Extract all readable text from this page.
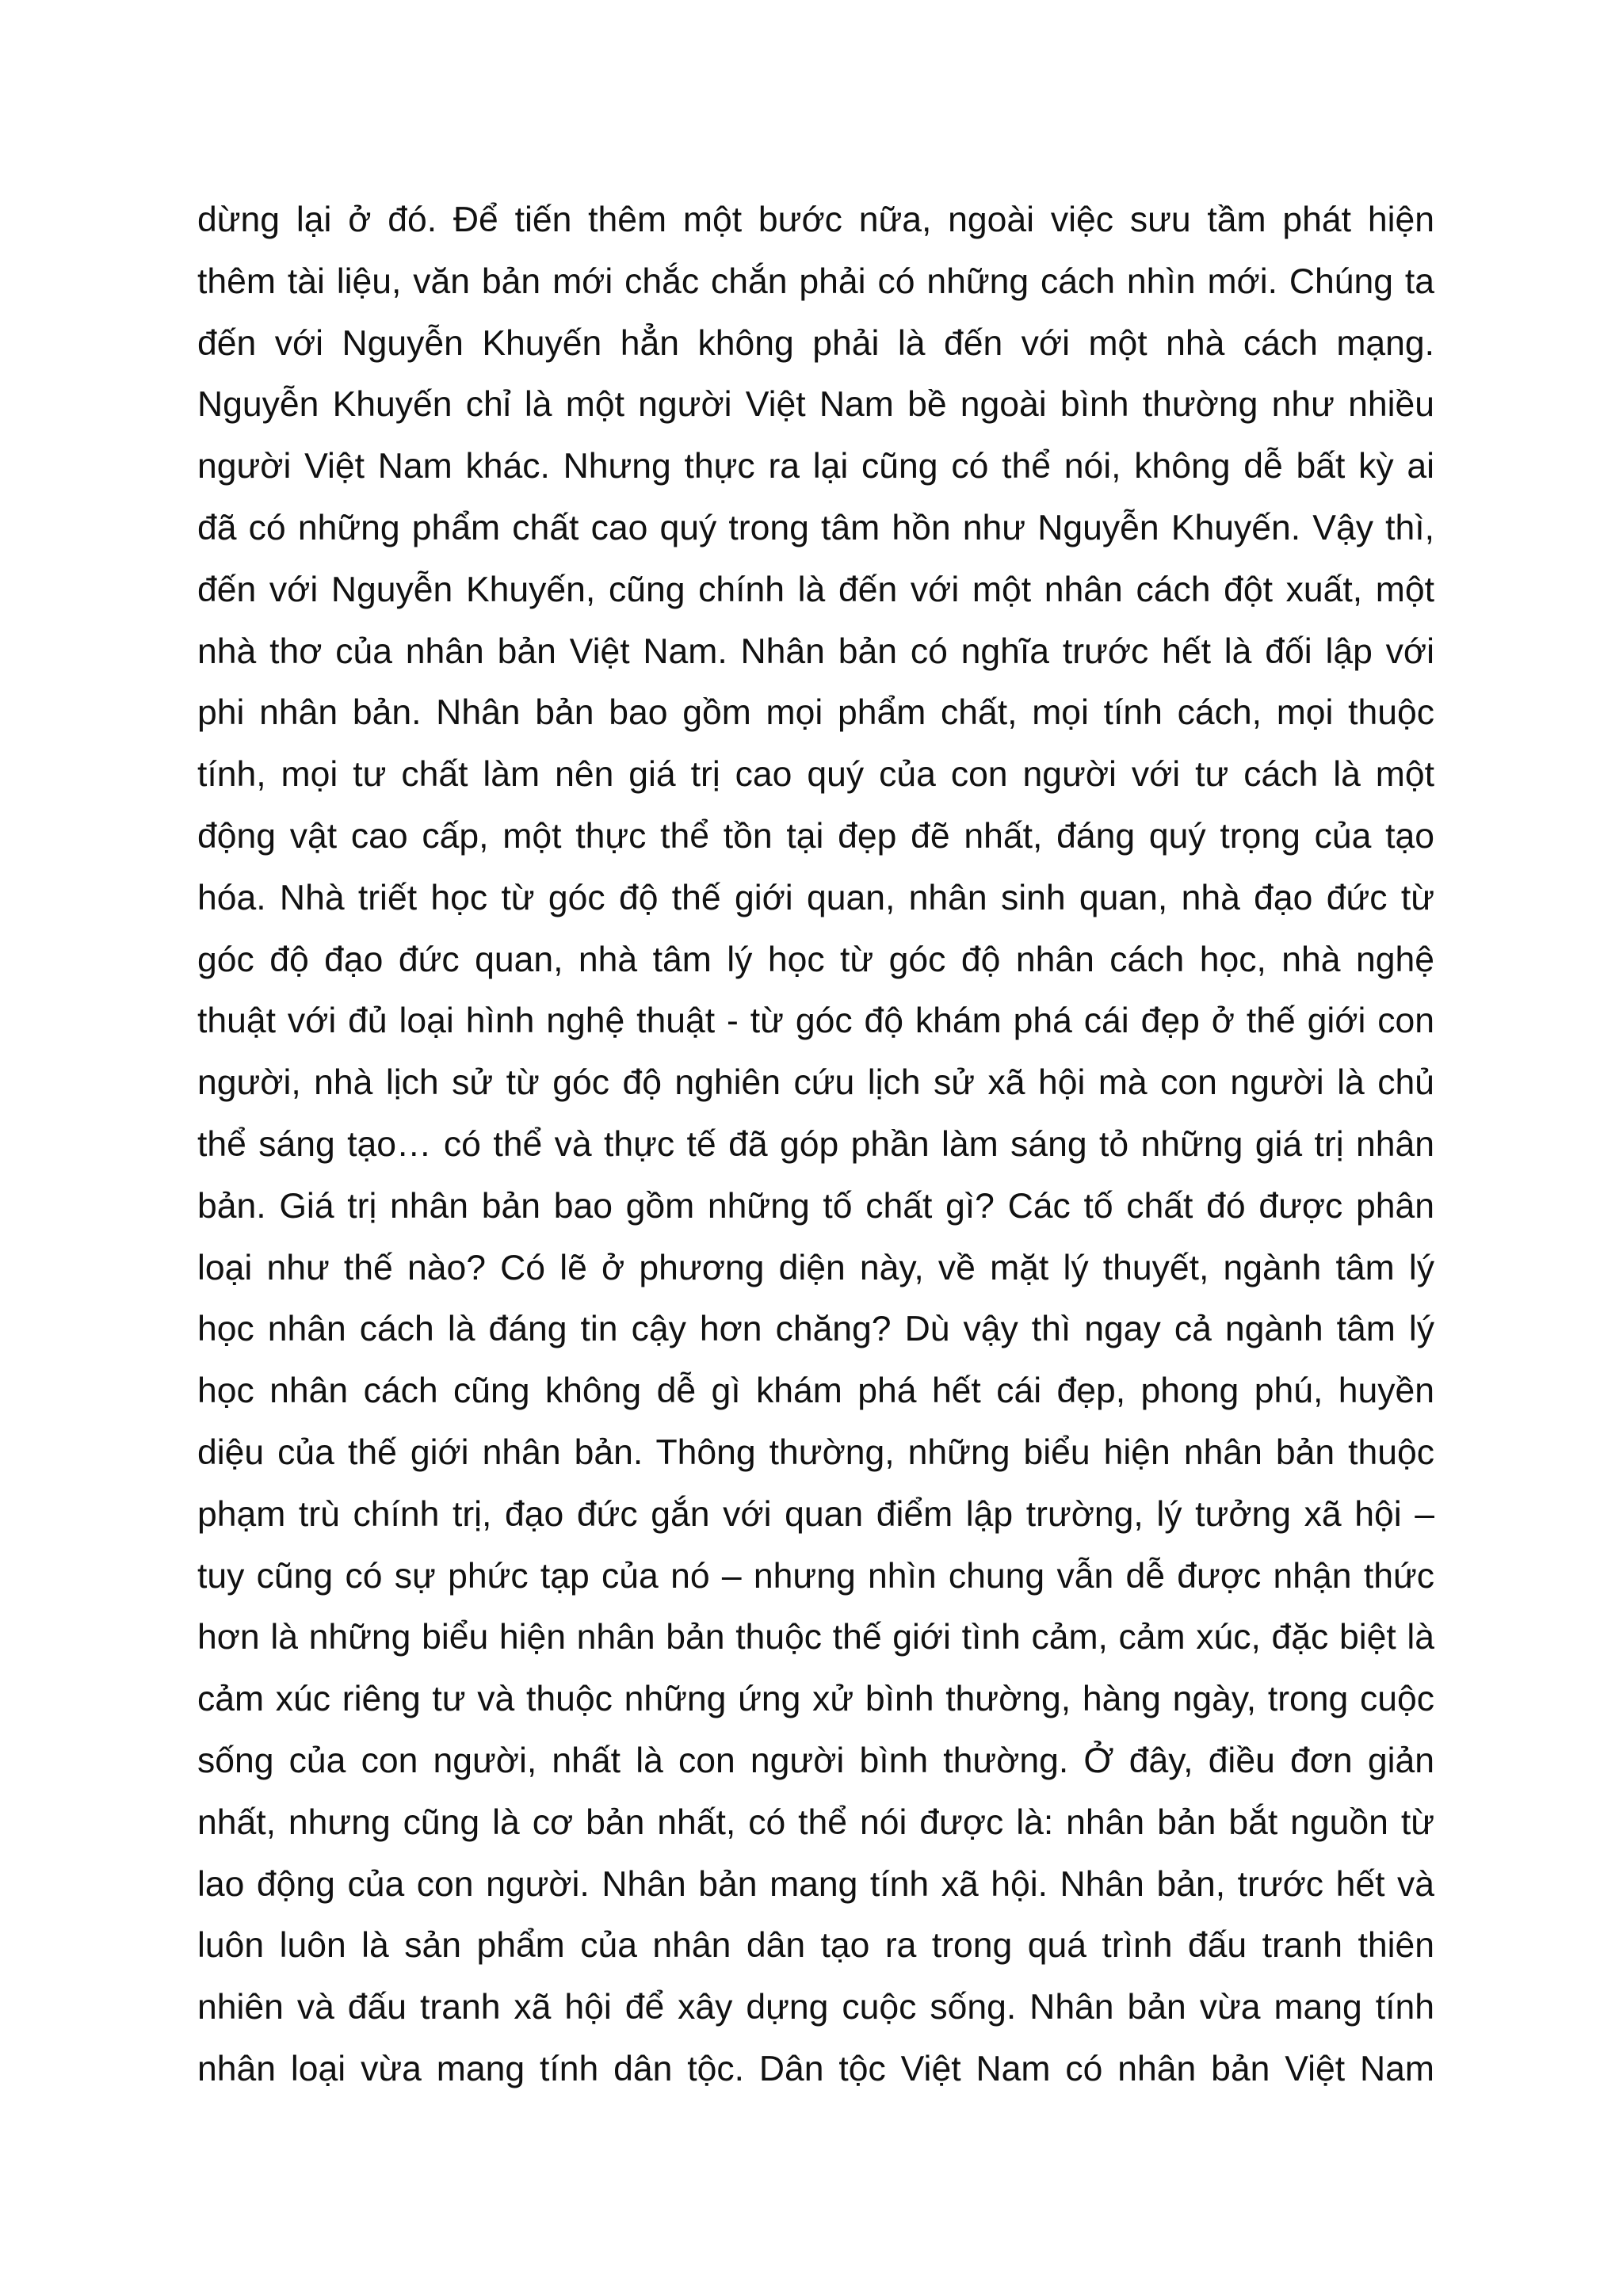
dừng lại ở đó. Để tiến thêm một bước nữa, ngoài việc sưu tầm phát hiện
thêm tài liệu, văn bản mới chắc chắn phải có những cách nhìn mới. Chúng ta
đến với Nguyễn Khuyến hẳn không phải là đến với một nhà cách mạng.
Nguyễn Khuyến chỉ là một người Việt Nam bề ngoài bình thường như nhiều
người Việt Nam khác. Nhưng thực ra lại cũng có thể nói, không dễ bất kỳ ai
đã có những phẩm chất cao quý trong tâm hồn như Nguyễn Khuyến. Vậy thì,
đến với Nguyễn Khuyến, cũng chính là đến với một nhân cách đột xuất, một
nhà thơ của nhân bản Việt Nam. Nhân bản có nghĩa trước hết là đối lập với
phi nhân bản. Nhân bản bao gồm mọi phẩm chất, mọi tính cách, mọi thuộc
tính, mọi tư chất làm nên giá trị cao quý của con người với tư cách là một
động vật cao cấp, một thực thể tồn tại đẹp đẽ nhất, đáng quý trọng của tạo
hóa. Nhà triết học từ góc độ thế giới quan, nhân sinh quan, nhà đạo đức từ
góc độ đạo đức quan, nhà tâm lý học từ góc độ nhân cách học, nhà nghệ
thuật với đủ loại hình nghệ thuật - từ góc độ khám phá cái đẹp ở thế giới con
người, nhà lịch sử từ góc độ nghiên cứu lịch sử xã hội mà con người là chủ
thể sáng tạo… có thể và thực tế đã góp phần làm sáng tỏ những giá trị nhân
bản. Giá trị nhân bản bao gồm những tố chất gì? Các tố chất đó được phân
loại như thế nào? Có lẽ ở phương diện này, về mặt lý thuyết, ngành tâm lý
học nhân cách là đáng tin cậy hơn chăng? Dù vậy thì ngay cả ngành tâm lý
học nhân cách cũng không dễ gì khám phá hết cái đẹp, phong phú, huyền
diệu của thế giới nhân bản. Thông thường, những biểu hiện nhân bản thuộc
phạm trù chính trị, đạo đức gắn với quan điểm lập trường, lý tưởng xã hội –
tuy cũng có sự phức tạp của nó – nhưng nhìn chung vẫn dễ được nhận thức
hơn là những biểu hiện nhân bản thuộc thế giới tình cảm, cảm xúc, đặc biệt là
cảm xúc riêng tư và thuộc những ứng xử bình thường, hàng ngày, trong cuộc
sống của con người, nhất là con người bình thường. Ở đây, điều đơn giản
nhất, nhưng cũng là cơ bản nhất, có thể nói được là: nhân bản bắt nguồn từ
lao động của con người. Nhân bản mang tính xã hội. Nhân bản, trước hết và
luôn luôn là sản phẩm của nhân dân tạo ra trong quá trình đấu tranh thiên
nhiên và đấu tranh xã hội để xây dựng cuộc sống. Nhân bản vừa mang tính
nhân loại vừa mang tính dân tộc. Dân tộc Việt Nam có nhân bản Việt Nam
